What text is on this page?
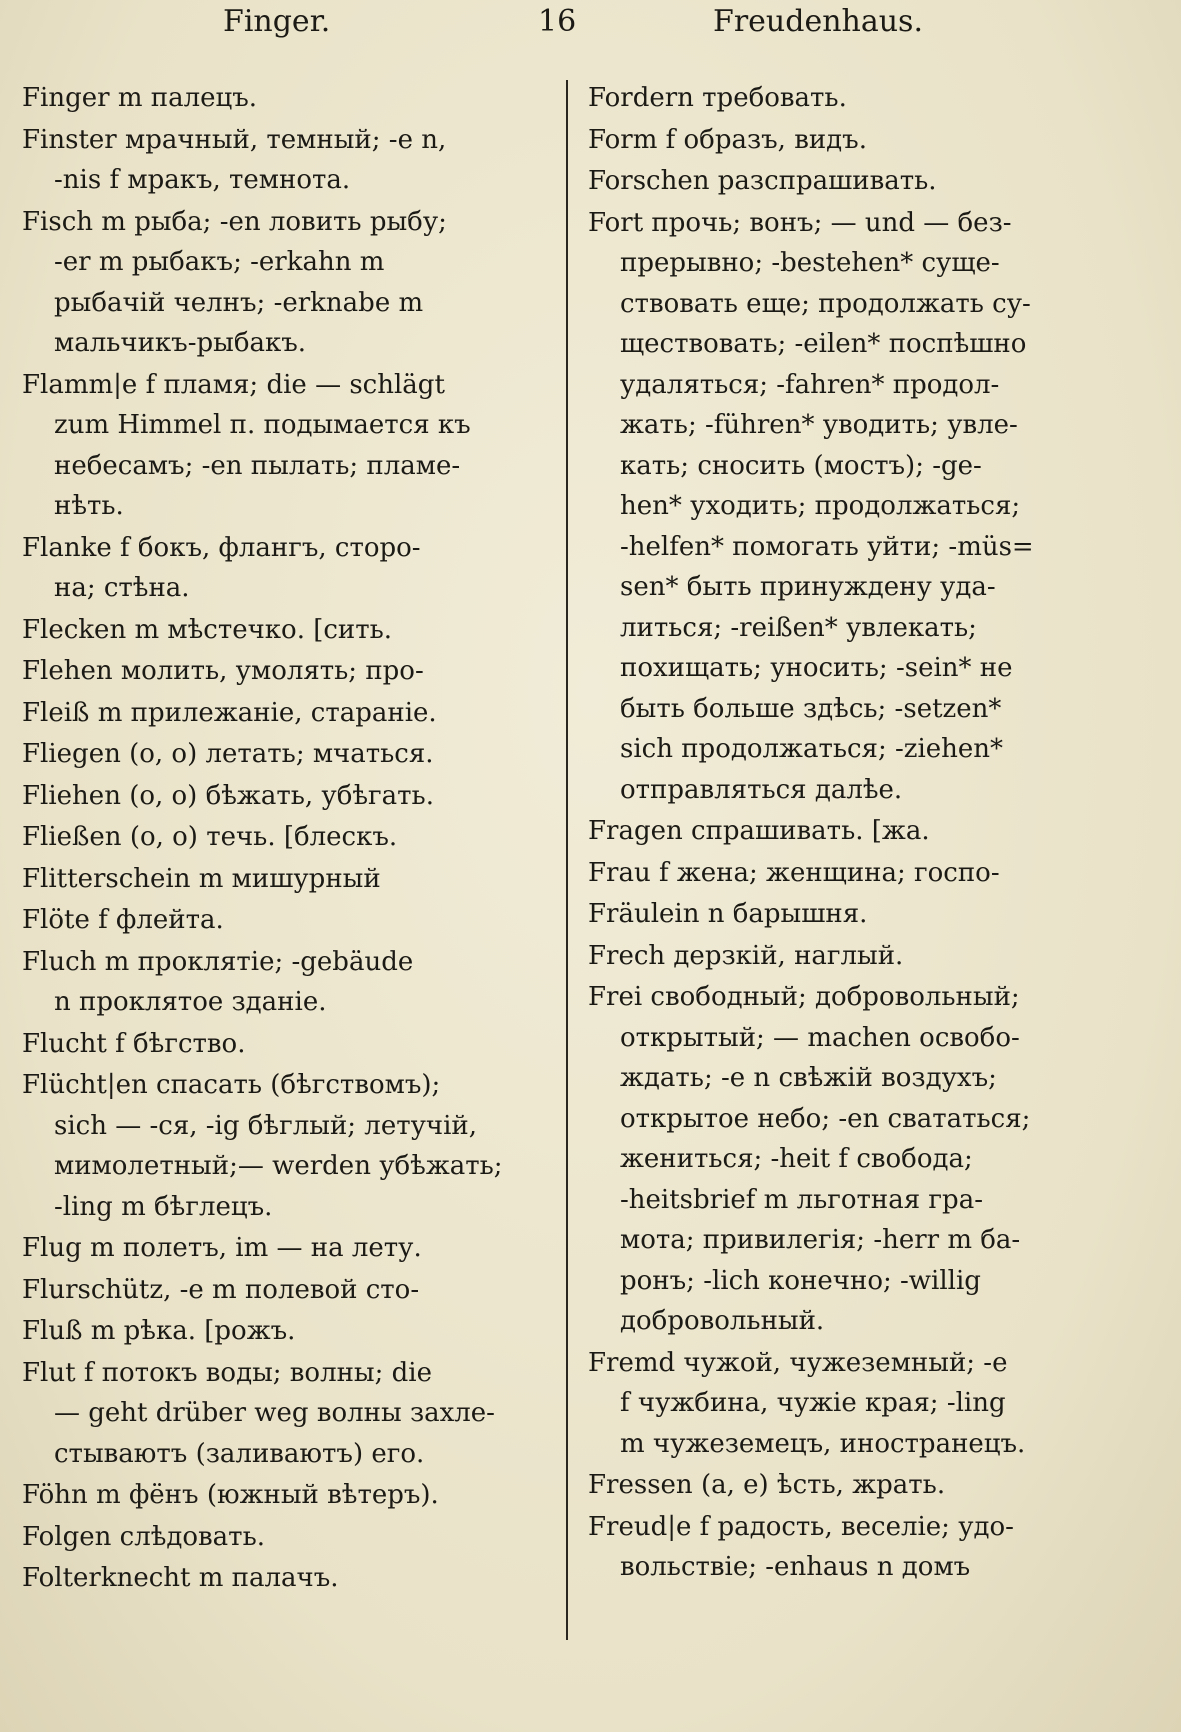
Finger.	16	Freudenhaus.
Finger m палецъ.
Finster мрачный, темный; -e n,
-nis f мракъ, темнота.
Fisch m рыба; -en ловить рыбу;
-er m рыбакъ; -erkahn m
рыбачій челнъ; -erknabe m
мальчикъ-рыбакъ.
Flamm|e f пламя; die — schlägt
zum Himmel п. подымается къ
небесамъ; -en пылать; пламе-
нѣть.
Flanke f бокъ, флангъ, сторо-
на; стѣна.
Flecken m мѣстечко. [сить.
Flehen молить, умолять; про-
Fleiß m прилежаніе, стараніе.
Fliegen (o, o) летать; мчаться.
Fliehen (o, o) бѣжать, убѣгать.
Fließen (o, o) течь. [блескъ.
Flitterschein m мишурный
Flöte f флейта.
Fluch m проклятіе; -gebäude
n проклятое зданіе.
Flucht f бѣгство.
Flücht|en спасать (бѣгствомъ);
sich — -ся, -ig бѣглый; летучій,
мимолетный;— werden убѣжать;
-ling m бѣглецъ.
Flug m полетъ, im — на лету.
Flurschütz, -e m полевой сто-
Fluß m рѣка. [рожъ.
Flut f потокъ воды; волны; die
— geht drüber weg волны захле-
стываютъ (заливаютъ) его.
Föhn m фёнъ (южный вѣтеръ).
Folgen слѣдовать.
Folterknecht m палачъ.
Fordern требовать.
Form f образъ, видъ.
Forschen разспрашивать.
Fort прочь; вонъ; — und — без-
прерывно; -bestehen* суще-
ствовать еще; продолжать су-
ществовать; -eilen* поспѣшно
удаляться; -fahren* продол-
жать; -führen* уводить; увле-
кать; сносить (мостъ); -ge-
hen* уходить; продолжаться;
-helfen* помогать уйти; -müs=
sen* быть принуждену уда-
литься; -reißen* увлекать;
похищать; уносить; -sein* не
быть больше здѣсь; -setzen*
sich продолжаться; -ziehen*
отправляться далѣе.
Fragen спрашивать. [жа.
Frau f жена; женщина; госпо-
Fräulein n барышня.
Frech дерзкій, наглый.
Frei свободный; добровольный;
открытый; — machen освобо-
ждать; -e n свѣжій воздухъ;
открытое небо; -en свататься;
жениться; -heit f свобода;
-heitsbrief m льготная гра-
мота; привилегія; -herr m ба-
ронъ; -lich конечно; -willig
добровольный.
Fremd чужой, чужеземный; -e
f чужбина, чужіе края; -ling
m чужеземецъ, иностранецъ.
Fressen (a, e) ѣсть, жрать.
Freud|e f радость, веселіе; удо-
вольствіе; -enhaus n домъ
